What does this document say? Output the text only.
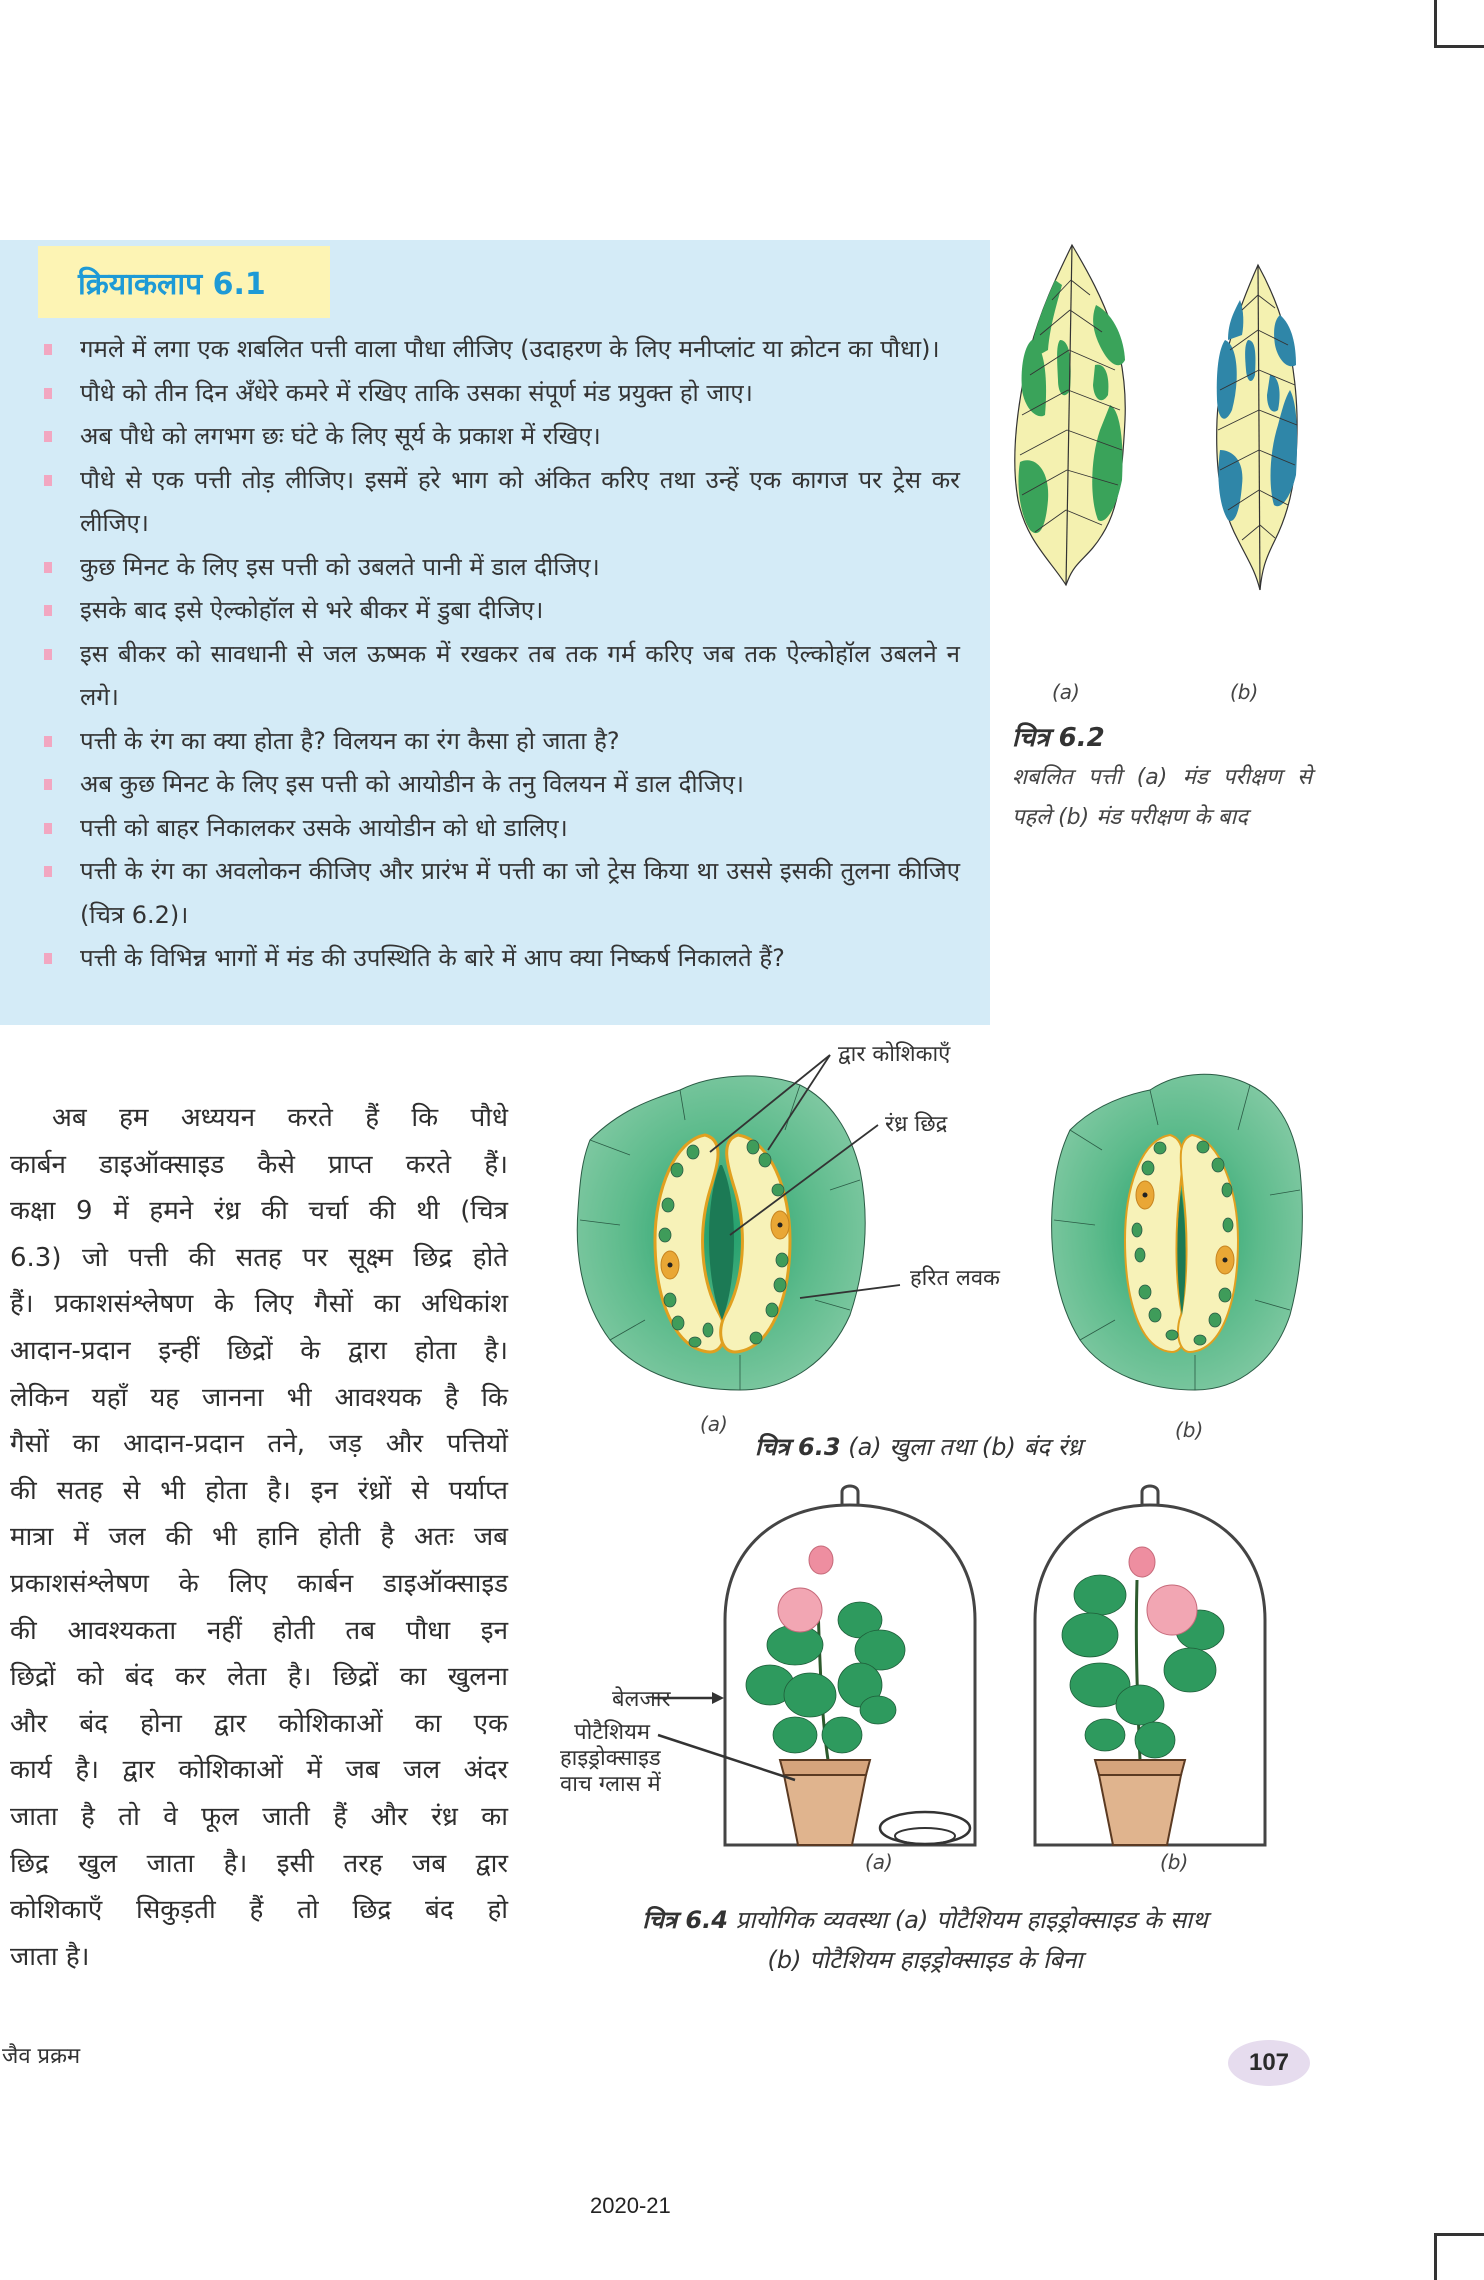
क्रियाकलाप 6.1
गमले में लगा एक शबलित पत्ती वाला पौधा लीजिए (उदाहरण के लिए मनीप्लांट या क्रोटन का पौधा)।
पौधे को तीन दिन अँधेरे कमरे में रखिए ताकि उसका संपूर्ण मंड प्रयुक्त हो जाए।
अब पौधे को लगभग छः घंटे के लिए सूर्य के प्रकाश में रखिए।
पौधे से एक पत्ती तोड़ लीजिए। इसमें हरे भाग को अंकित करिए तथा उन्हें एक कागज पर ट्रेस कर लीजिए।
कुछ मिनट के लिए इस पत्ती को उबलते पानी में डाल दीजिए।
इसके बाद इसे ऐल्कोहॉल से भरे बीकर में डुबा दीजिए।
इस बीकर को सावधानी से जल ऊष्मक में रखकर तब तक गर्म करिए जब तक ऐल्कोहॉल उबलने न लगे।
पत्ती के रंग का क्या होता है? विलयन का रंग कैसा हो जाता है?
अब कुछ मिनट के लिए इस पत्ती को आयोडीन के तनु विलयन में डाल दीजिए।
पत्ती को बाहर निकालकर उसके आयोडीन को धो डालिए।
पत्ती के रंग का अवलोकन कीजिए और प्रारंभ में पत्ती का जो ट्रेस किया था उससे इसकी तुलना कीजिए (चित्र 6.2)।
पत्ती के विभिन्न भागों में मंड की उपस्थिति के बारे में आप क्या निष्कर्ष निकालते हैं?
(a)	(b)
चित्र 6.2
शबलित पत्ती (a) मंड परीक्षण से पहले (b) मंड परीक्षण के बाद
अब हम अध्ययन करते हैं कि पौधे
कार्बन डाइऑक्साइड कैसे प्राप्त करते हैं।
कक्षा 9 में हमने रंध्र की चर्चा की थी (चित्र
6.3) जो पत्ती की सतह पर सूक्ष्म छिद्र होते
हैं। प्रकाशसंश्लेषण के लिए गैसों का अधिकांश
आदान-प्रदान इन्हीं छिद्रों के द्वारा होता है।
लेकिन यहाँ यह जानना भी आवश्यक है कि
गैसों का आदान-प्रदान तने, जड़ और पत्तियों
की सतह से भी होता है। इन रंध्रों से पर्याप्त
मात्रा में जल की भी हानि होती है अतः जब
प्रकाशसंश्लेषण के लिए कार्बन डाइऑक्साइड
की आवश्यकता नहीं होती तब पौधा इन
छिद्रों को बंद कर लेता है। छिद्रों का खुलना
और बंद होना द्वार कोशिकाओं का एक
कार्य है। द्वार कोशिकाओं में जब जल अंदर
जाता है तो वे फूल जाती हैं और रंध्र का
छिद्र खुल जाता है। इसी तरह जब द्वार
कोशिकाएँ सिकुड़ती हैं तो छिद्र बंद हो
जाता है।
द्वार कोशिकाएँ
रंध्र छिद्र
हरित लवक
(a)	(b)
चित्र 6.3 (a) खुला तथा (b) बंद रंध्र
बेलजार
पोटैशियम
हाइड्रोक्साइड
वाच ग्लास में
(a)	(b)
चित्र 6.4 प्रायोगिक व्यवस्था (a) पोटैशियम हाइड्रोक्साइड के साथ
(b) पोटैशियम हाइड्रोक्साइड के बिना
जैव प्रक्रम	107
2020-21
